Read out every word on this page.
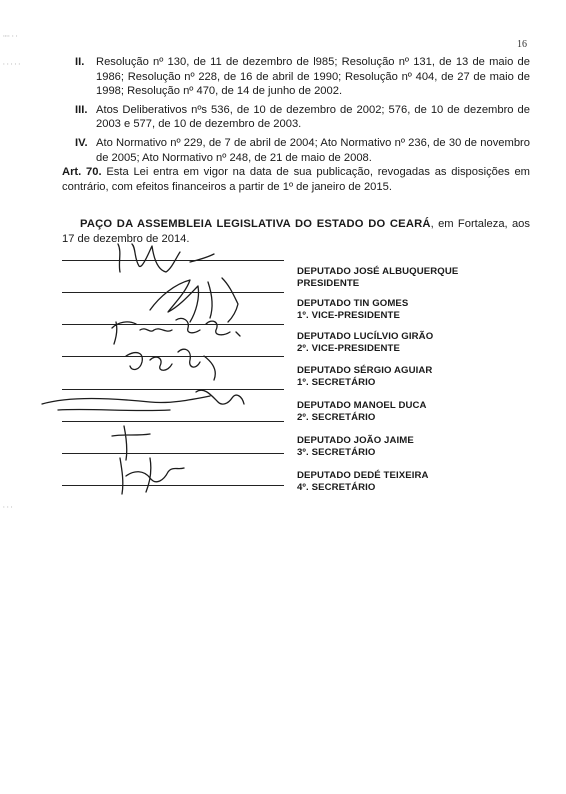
16
፡፡፡፡ ፡ ፡
፡ ፡ ፡ ፡ ፡
፡ ፡ ፡
II. Resolução nº 130, de 11 de dezembro de l985; Resolução nº 131, de 13 de maio de 1986; Resolução nº 228, de 16 de abril de 1990; Resolução nº 404, de 27 de maio de 1998; Resolução nº 470, de 14 de junho de 2002.
III. Atos Deliberativos nºs 536, de 10 de dezembro de 2002; 576, de 10 de dezembro de 2003 e 577, de 10 de dezembro de 2003.
IV. Ato Normativo nº 229, de 7 de abril de 2004; Ato Normativo nº 236, de 30 de novembro de 2005; Ato Normativo nº 248, de 21 de maio de 2008.
Art. 70. Esta Lei entra em vigor na data de sua publicação, revogadas as disposições em contrário, com efeitos financeiros a partir de 1º de janeiro de 2015.
PAÇO DA ASSEMBLEIA LEGISLATIVA DO ESTADO DO CEARÁ, em Fortaleza, aos 17 de dezembro de 2014.
DEPUTADO JOSÉ ALBUQUERQUE
PRESIDENTE
DEPUTADO TIN GOMES
1º. VICE-PRESIDENTE
DEPUTADO LUCÍLVIO GIRÃO
2º. VICE-PRESIDENTE
DEPUTADO SÉRGIO AGUIAR
1º. SECRETÁRIO
DEPUTADO MANOEL DUCA
2º. SECRETÁRIO
DEPUTADO JOÃO JAIME
3º. SECRETÁRIO
DEPUTADO DEDÉ TEIXEIRA
4º. SECRETÁRIO
